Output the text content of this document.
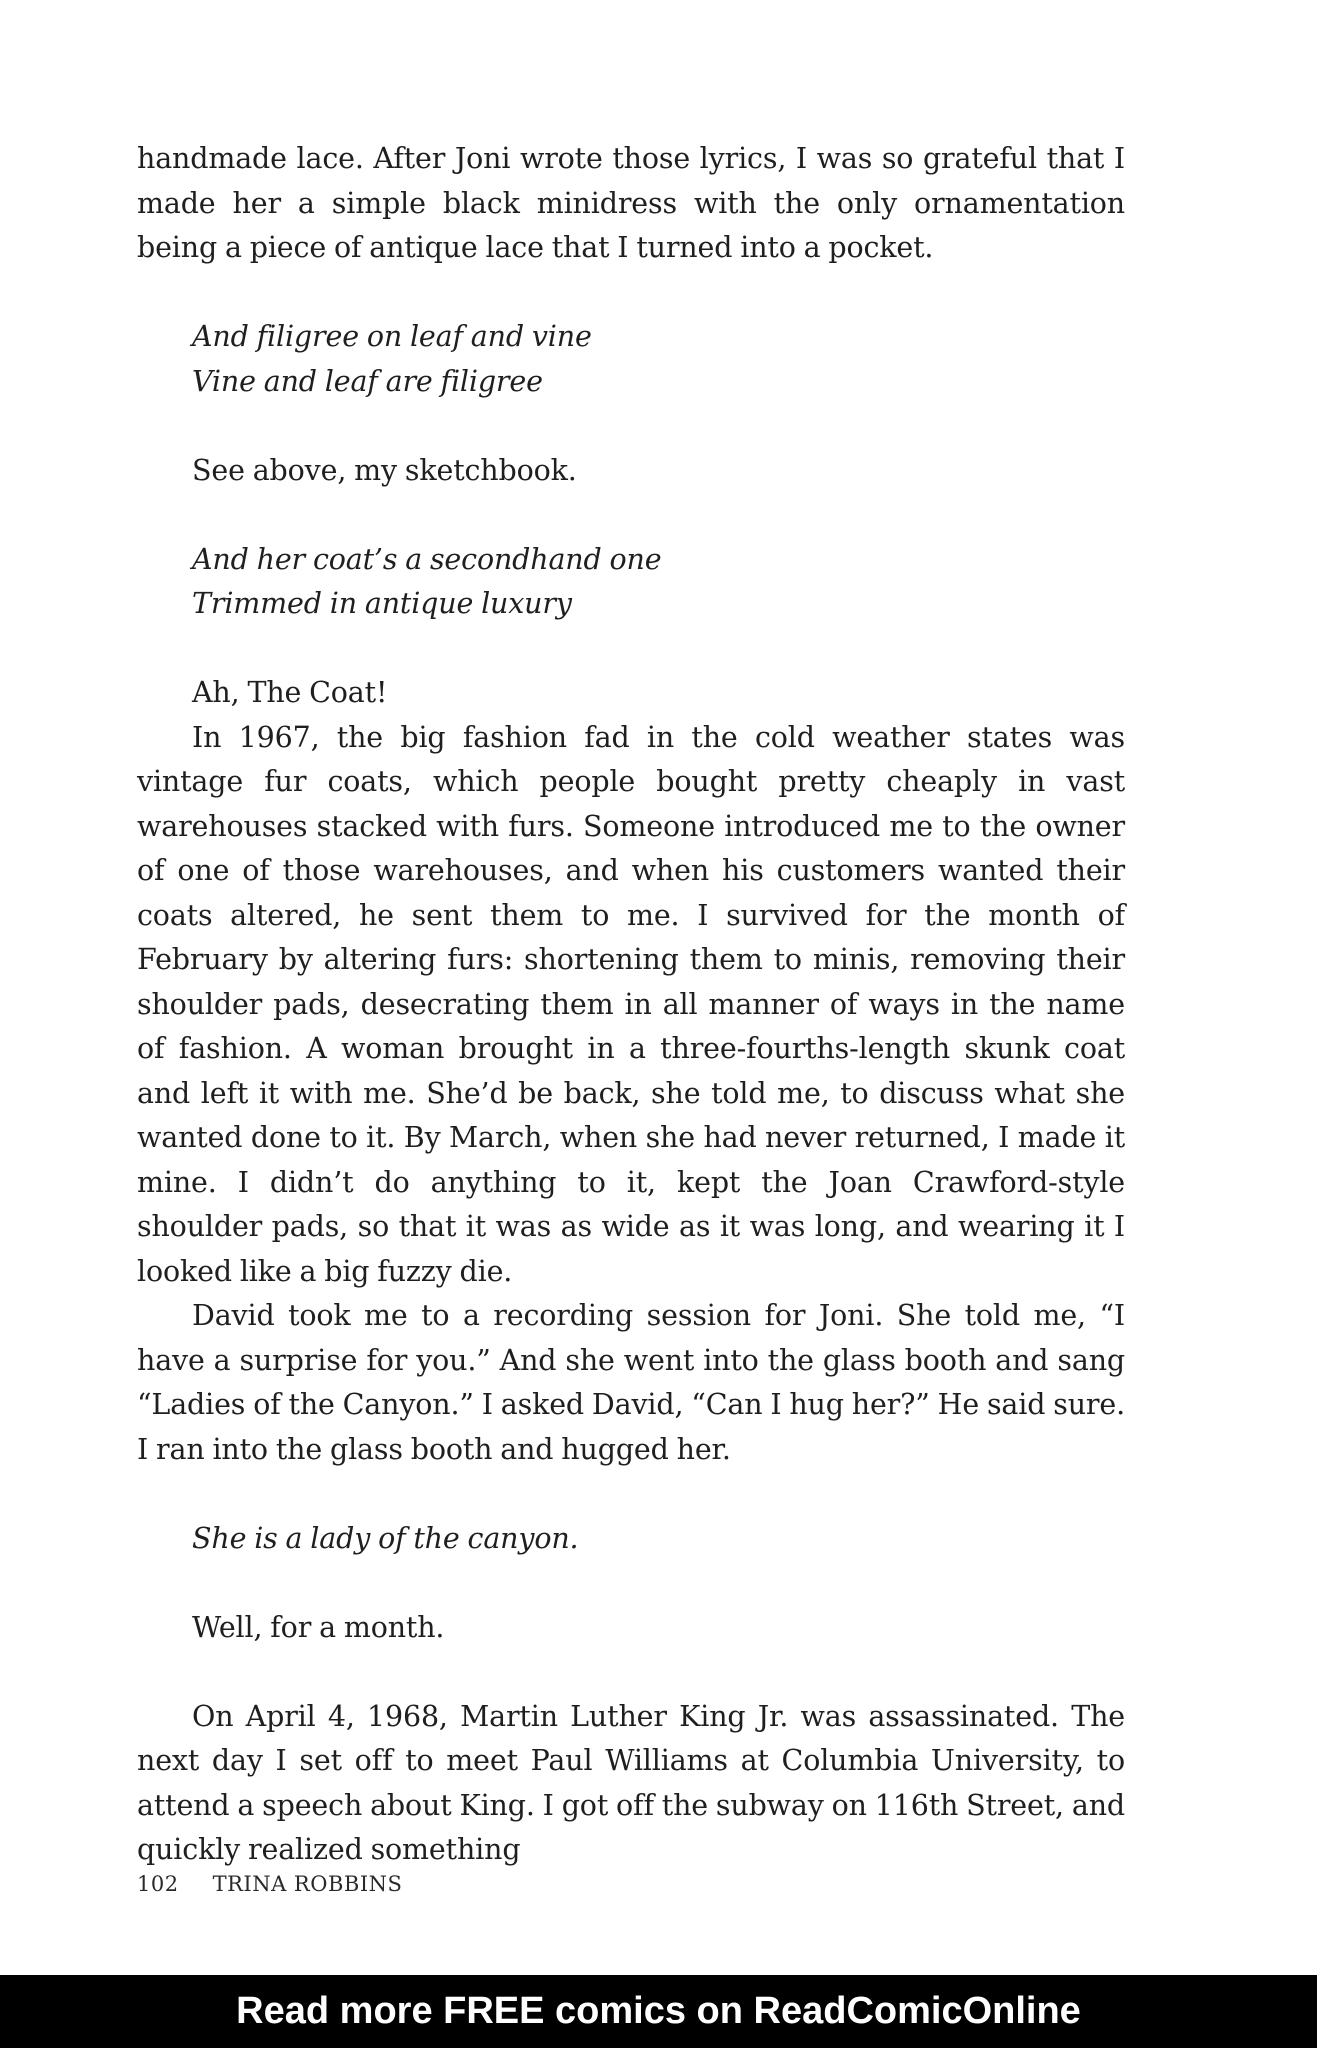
handmade lace. After Joni wrote those lyrics, I was so grateful that I made her a simple black minidress with the only ornamentation being a piece of antique lace that I turned into a pocket.

And filigree on leaf and vine

Vine and leaf are filigree

See above, my sketchbook.

And her coat’s a secondhand one

Trimmed in antique luxury

Ah, The Coat!

In 1967, the big fashion fad in the cold weather states was vintage fur coats, which people bought pretty cheaply in vast warehouses stacked with furs. Someone introduced me to the owner of one of those warehouses, and when his customers wanted their coats altered, he sent them to me. I survived for the month of February by altering furs: shortening them to minis, removing their shoulder pads, desecrating them in all manner of ways in the name of fashion. A woman brought in a three-fourths-length skunk coat and left it with me. She’d be back, she told me, to discuss what she wanted done to it. By March, when she had never returned, I made it mine. I didn’t do anything to it, kept the Joan Crawford-style shoulder pads, so that it was as wide as it was long, and wearing it I looked like a big fuzzy die.

David took me to a recording session for Joni. She told me, “I have a surprise for you.” And she went into the glass booth and sang “Ladies of the Canyon.” I asked David, “Can I hug her?” He said sure. I ran into the glass booth and hugged her.

She is a lady of the canyon.

Well, for a month.

On April 4, 1968, Martin Luther King Jr. was assassinated. The next day I set off to meet Paul Williams at Columbia University, to attend a speech about King. I got off the subway on 116th Street, and quickly realized something

102 TRINA ROBBINS
Read more FREE comics on ReadComicOnline
